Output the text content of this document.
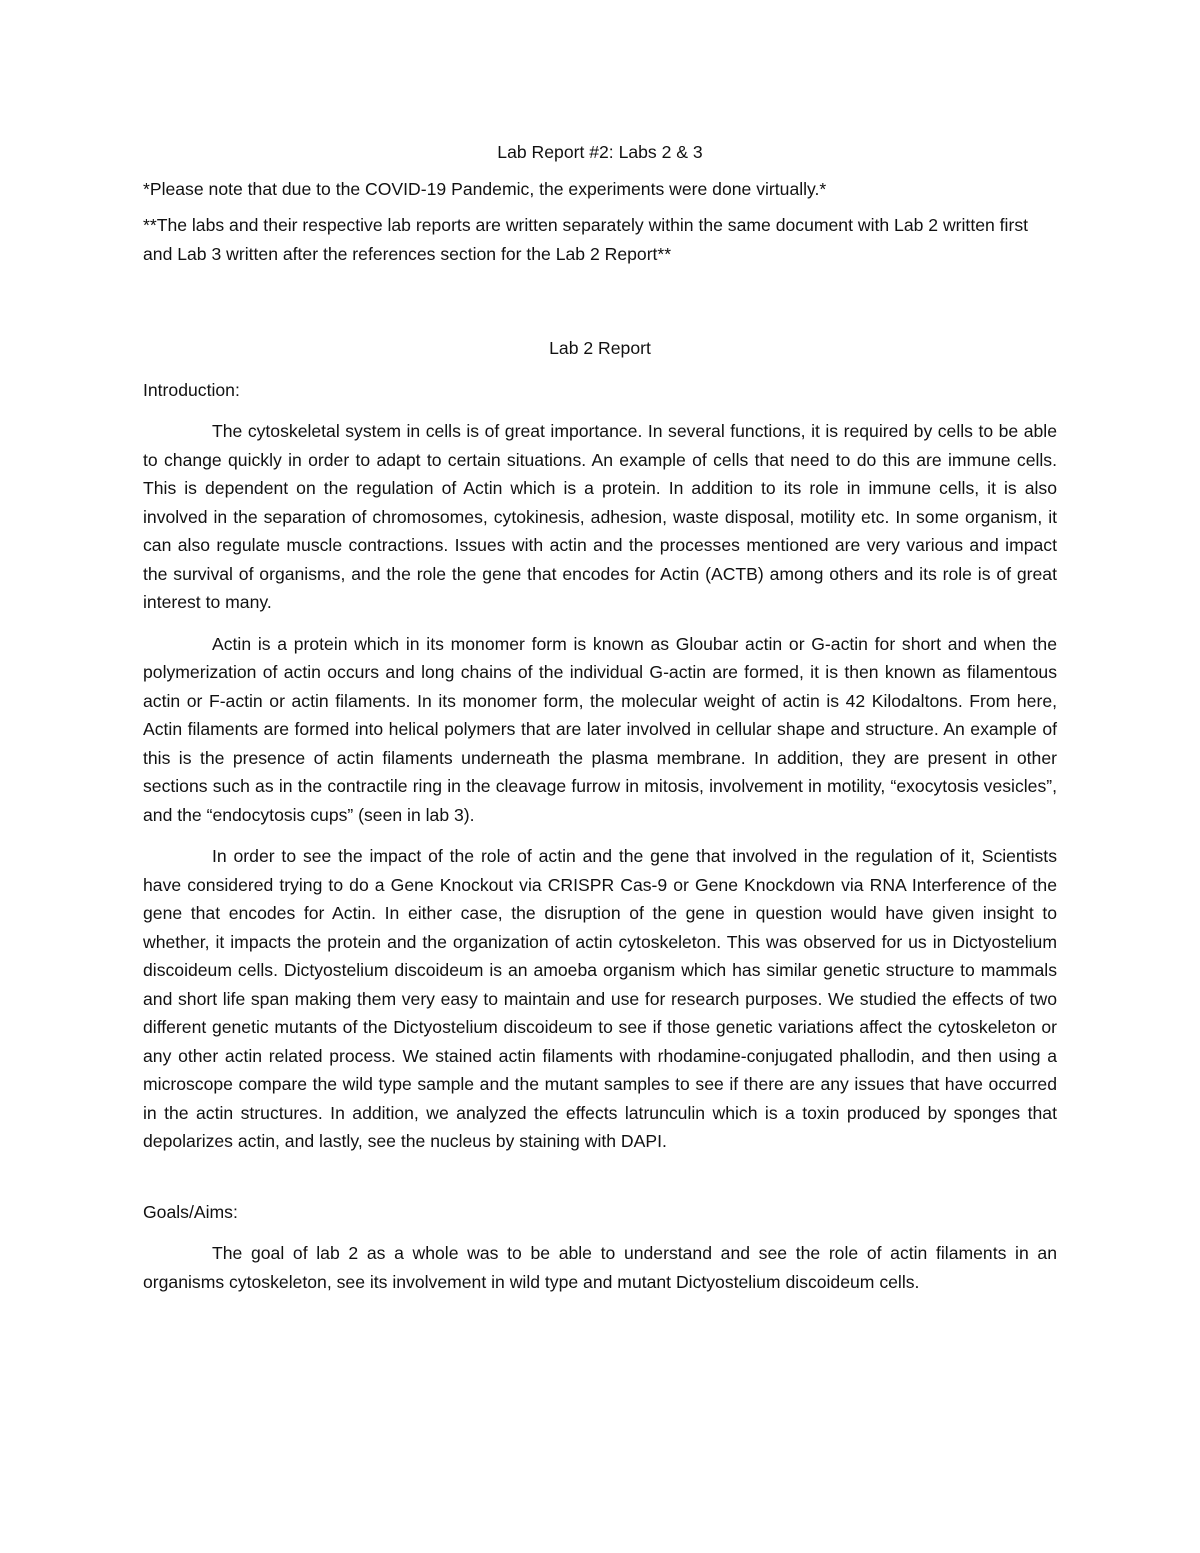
Lab Report #2: Labs 2 & 3
*Please note that due to the COVID-19 Pandemic, the experiments were done virtually.*
**The labs and their respective lab reports are written separately within the same document with Lab 2 written first and Lab 3 written after the references section for the Lab 2 Report**
Lab 2 Report
Introduction:

The cytoskeletal system in cells is of great importance. In several functions, it is required by cells to be able to change quickly in order to adapt to certain situations. An example of cells that need to do this are immune cells. This is dependent on the regulation of Actin which is a protein. In addition to its role in immune cells, it is also involved in the separation of chromosomes, cytokinesis, adhesion, waste disposal, motility etc. In some organism, it can also regulate muscle contractions. Issues with actin and the processes mentioned are very various and impact the survival of organisms, and the role the gene that encodes for Actin (ACTB) among others and its role is of great interest to many.

Actin is a protein which in its monomer form is known as Gloubar actin or G-actin for short and when the polymerization of actin occurs and long chains of the individual G-actin are formed, it is then known as filamentous actin or F-actin or actin filaments. In its monomer form, the molecular weight of actin is 42 Kilodaltons. From here, Actin filaments are formed into helical polymers that are later involved in cellular shape and structure. An example of this is the presence of actin filaments underneath the plasma membrane. In addition, they are present in other sections such as in the contractile ring in the cleavage furrow in mitosis, involvement in motility, “exocytosis vesicles”, and the “endocytosis cups” (seen in lab 3).

In order to see the impact of the role of actin and the gene that involved in the regulation of it, Scientists have considered trying to do a Gene Knockout via CRISPR Cas-9 or Gene Knockdown via RNA Interference of the gene that encodes for Actin. In either case, the disruption of the gene in question would have given insight to whether, it impacts the protein and the organization of actin cytoskeleton. This was observed for us in Dictyostelium discoideum cells. Dictyostelium discoideum is an amoeba organism which has similar genetic structure to mammals and short life span making them very easy to maintain and use for research purposes. We studied the effects of two different genetic mutants of the Dictyostelium discoideum to see if those genetic variations affect the cytoskeleton or any other actin related process. We stained actin filaments with rhodamine-conjugated phallodin, and then using a microscope compare the wild type sample and the mutant samples to see if there are any issues that have occurred in the actin structures. In addition, we analyzed the effects latrunculin which is a toxin produced by sponges that depolarizes actin, and lastly, see the nucleus by staining with DAPI.

Goals/Aims:

The goal of lab 2 as a whole was to be able to understand and see the role of actin filaments in an organisms cytoskeleton, see its involvement in wild type and mutant Dictyostelium discoideum cells.
